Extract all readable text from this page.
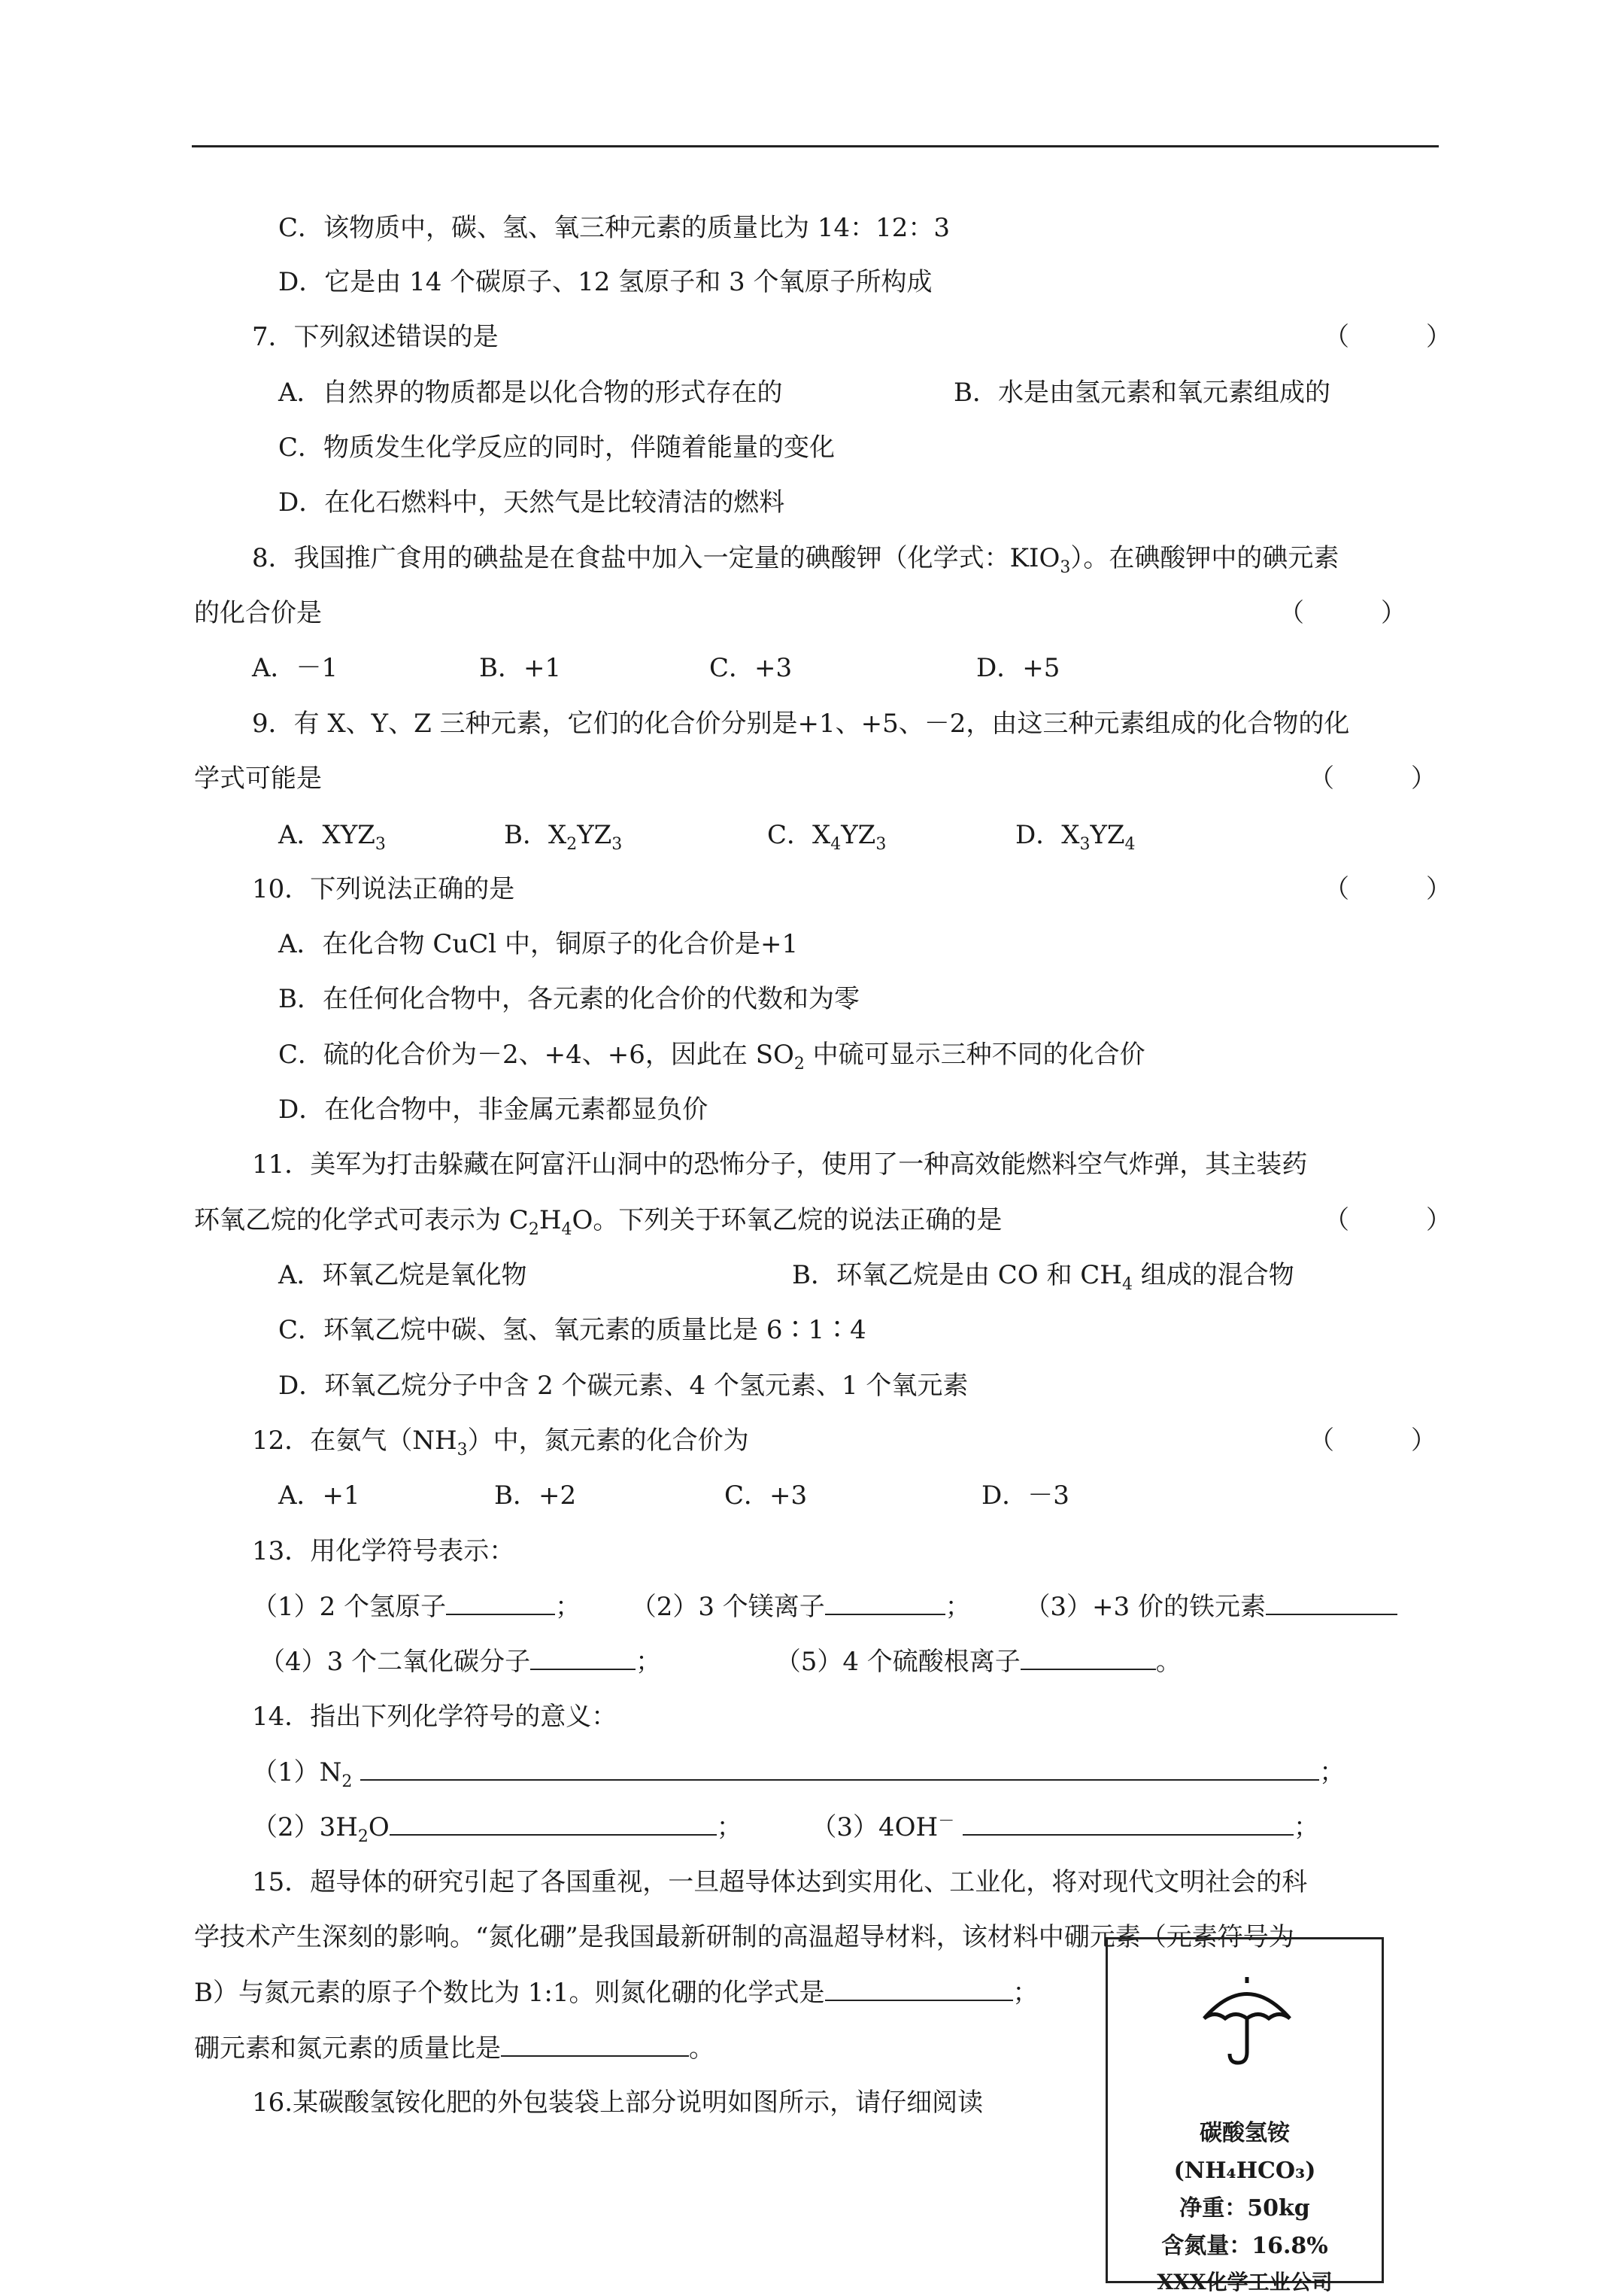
C．该物质中，碳、氢、氧三种元素的质量比为 14：12：3
D．它是由 14 个碳原子、12 氢原子和 3 个氧原子所构成
7．下列叙述错误的是	（　　　）
A．自然界的物质都是以化合物的形式存在的	B．水是由氢元素和氧元素组成的
C．物质发生化学反应的同时，伴随着能量的变化
D．在化石燃料中，天然气是比较清洁的燃料
8．我国推广食用的碘盐是在食盐中加入一定量的碘酸钾（化学式：$KIO_3$）。在碘酸钾中的碘元素
的化合价是	（　　　）
A．－1	B．+1	C．+3	D．+5
9．有 X、Y、Z 三种元素，它们的化合价分别是+1、+5、－2，由这三种元素组成的化合物的化
学式可能是	（　　　）
A．$XYZ_3$	B．$X_2YZ_3$	C．$X_4YZ_3$	D．$X_3YZ_4$
10．下列说法正确的是	（　　　）
A．在化合物 CuCl 中，铜原子的化合价是+1
B．在任何化合物中，各元素的化合价的代数和为零
C．硫的化合价为－2、+4、+6，因此在 $SO_2$ 中硫可显示三种不同的化合价
D．在化合物中，非金属元素都显负价
11．美军为打击躲藏在阿富汗山洞中的恐怖分子，使用了一种高效能燃料空气炸弹，其主装药
环氧乙烷的化学式可表示为 $C_2H_4O$。下列关于环氧乙烷的说法正确的是	（　　　）
A．环氧乙烷是氧化物	B．环氧乙烷是由 CO 和 $CH_4$ 组成的混合物
C．环氧乙烷中碳、氢、氧元素的质量比是 6∶1∶4
D．环氧乙烷分子中含 2 个碳元素、4 个氢元素、1 个氧元素
12．在氨气$(NH_3)$中，氮元素的化合价为	（　　　）
A．+1	B．+2	C．+3	D．－3
13．用化学符号表示：
（1）2 个氢原子	； （2）3 个镁离子	； （3）+3 价的铁元素
（4）3 个二氧化碳分子	；	（5）4 个硫酸根离子	。
14．指出下列化学符号的意义：
$(1)N_2$	；
$(2)3H_2O$	；	（3）4OH－	；
15．超导体的研究引起了各国重视，一旦超导体达到实用化、工业化，将对现代文明社会的科
学技术产生深刻的影响。“氮化硼”是我国最新研制的高温超导材料，该材料中硼元素（元素符号为
B）与氮元素的原子个数比为 1:1。则氮化硼的化学式是	；
硼元素和氮元素的质量比是	。
16.某碳酸氢铵化肥的外包装袋上部分说明如图所示，请仔细阅读
碳酸氢铵
(NH₄HCO₃)
净重：50kg
含氮量：16.8%
XXX化学工业公司
